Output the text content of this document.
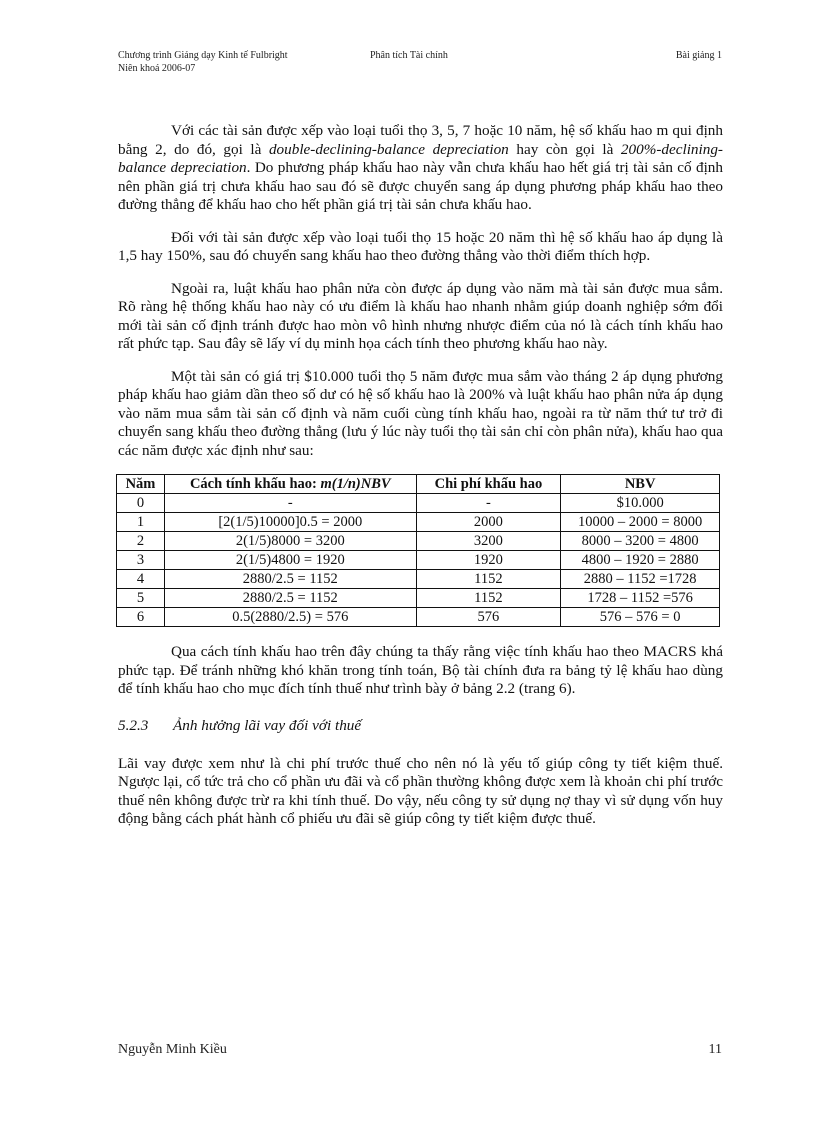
Chương trình Giảng dạy Kinh tế Fulbright
Niên khoá 2006-07
Phân tích Tài chính	Bài giảng 1

Với các tài sản được xếp vào loại tuổi thọ 3, 5, 7 hoặc 10 năm, hệ số khấu hao m qui định bằng 2, do đó, gọi là double-declining-balance depreciation hay còn gọi là 200%-declining-balance depreciation. Do phương pháp khấu hao này vẫn chưa khấu hao hết giá trị tài sản cố định nên phần giá trị chưa khấu hao sau đó sẽ được chuyển sang áp dụng phương pháp khấu hao theo đường thẳng để khấu hao cho hết phần giá trị tài sản chưa khấu hao.

Đối với tài sản được xếp vào loại tuổi thọ 15 hoặc 20 năm thì hệ số khấu hao áp dụng là 1,5 hay 150%, sau đó chuyển sang khấu hao theo đường thẳng vào thời điểm thích hợp.

Ngoài ra, luật khấu hao phân nửa còn được áp dụng vào năm mà tài sản được mua sắm. Rõ ràng hệ thống khấu hao này có ưu điểm là khấu hao nhanh nhằm giúp doanh nghiệp sớm đổi mới tài sản cố định tránh được hao mòn vô hình nhưng nhược điểm của nó là cách tính khấu hao rất phức tạp. Sau đây sẽ lấy ví dụ minh họa cách tính theo phương khấu hao này.

Một tài sản có giá trị $10.000 tuổi thọ 5 năm được mua sắm vào tháng 2 áp dụng phương pháp khấu hao giảm dần theo số dư có hệ số khấu hao là 200% và luật khấu hao phân nửa áp dụng vào năm mua sắm tài sản cố định và năm cuối cùng tính khấu hao, ngoài ra từ năm thứ tư trở đi chuyển sang khấu theo đường thẳng (lưu ý lúc này tuổi thọ tài sản chỉ còn phân nửa), khấu hao qua các năm được xác định như sau:

Năm	Cách tính khấu hao: m(1/n)NBV	Chi phí khấu hao	NBV
0	-	-	$10.000
1	[2(1/5)10000]0.5 = 2000	2000	10000 – 2000 = 8000
2	2(1/5)8000 = 3200	3200	8000 – 3200 = 4800
3	2(1/5)4800 = 1920	1920	4800 – 1920 = 2880
4	2880/2.5 = 1152	1152	2880 – 1152 =1728
5	2880/2.5 = 1152	1152	1728 – 1152 =576
6	0.5(2880/2.5) = 576	576	576 – 576 = 0

Qua cách tính khấu hao trên đây chúng ta thấy rằng việc tính khấu hao theo MACRS khá phức tạp. Để tránh những khó khăn trong tính toán, Bộ tài chính đưa ra bảng tỷ lệ khấu hao dùng để tính khấu hao cho mục đích tính thuế như trình bày ở bảng 2.2 (trang 6).

5.2.3 Ảnh hưởng lãi vay đối với thuế

Lãi vay được xem như là chi phí trước thuế cho nên nó là yếu tố giúp công ty tiết kiệm thuế. Ngược lại, cổ tức trả cho cổ phần ưu đãi và cổ phần thường không được xem là khoản chi phí trước thuế nên không được trừ ra khi tính thuế. Do vậy, nếu công ty sử dụng nợ thay vì sử dụng vốn huy động bằng cách phát hành cổ phiếu ưu đãi sẽ giúp công ty tiết kiệm được thuế.

Nguyễn Minh Kiều	11
